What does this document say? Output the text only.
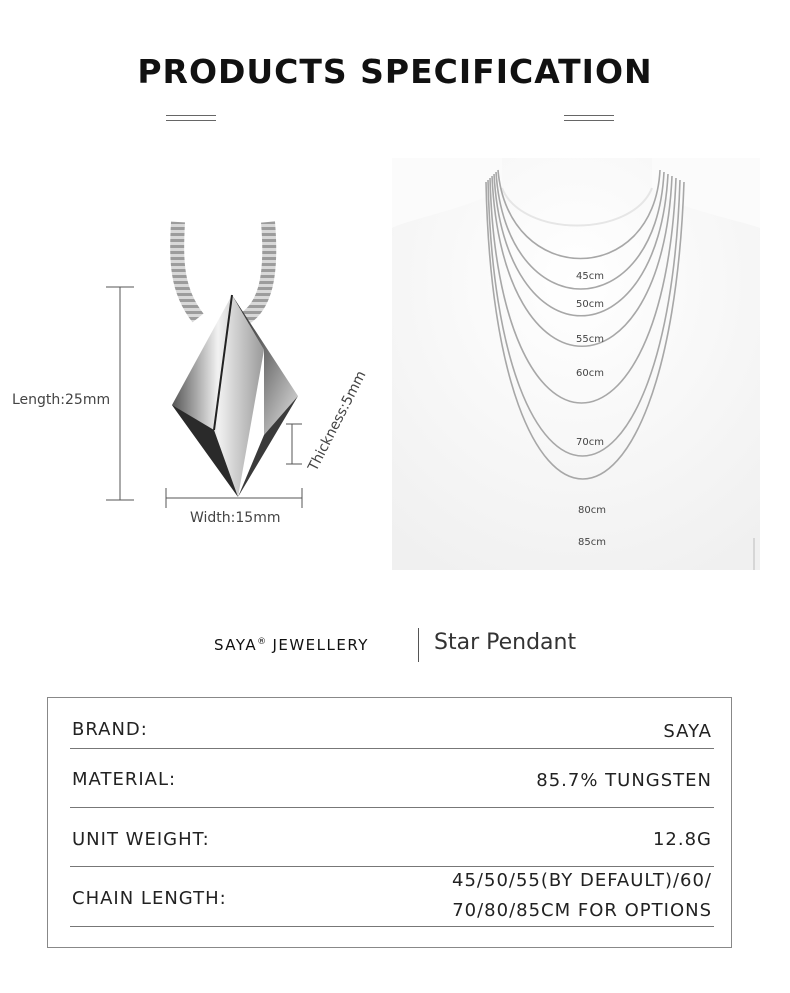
PRODUCTS SPECIFICATION
Length:25mm
Width:15mm
Thickness:5mm
45cm
50cm
55cm
60cm
70cm
80cm
85cm
SAYA® JEWELLERY	Star Pendant
BRAND:	SAYA
MATERIAL:	85.7% TUNGSTEN
UNIT WEIGHT:	12.8G
CHAIN LENGTH:
45/50/55(BY DEFAULT)/60/
70/80/85CM FOR OPTIONS
